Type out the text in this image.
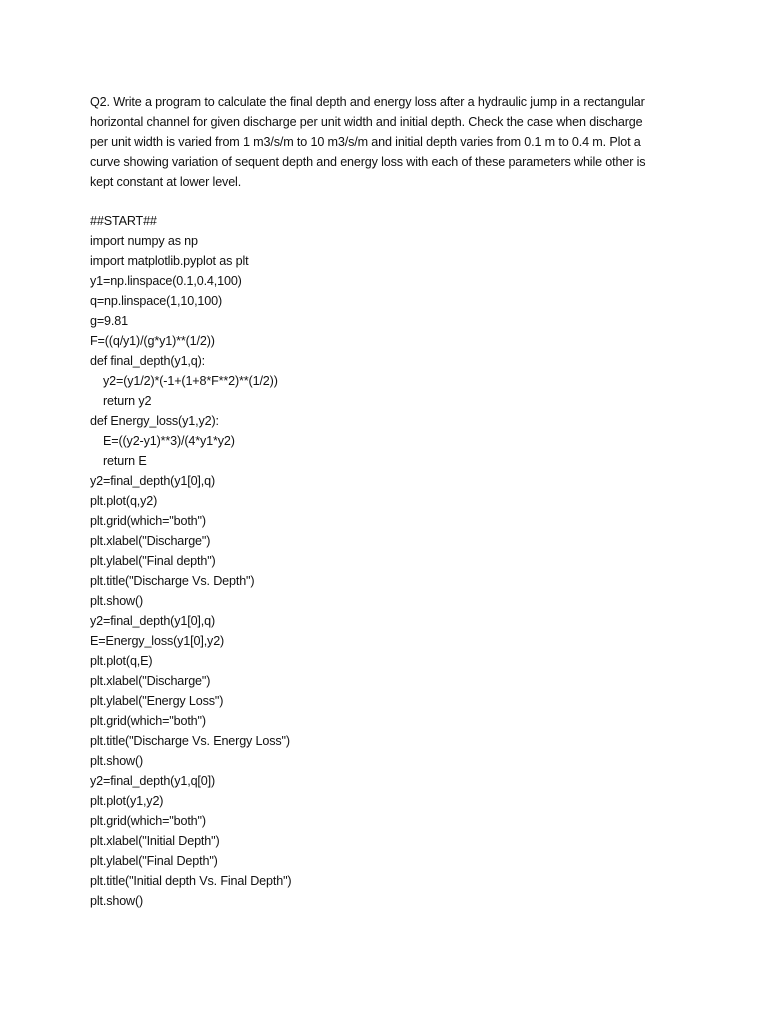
Q2. Write a program to calculate the final depth and energy loss after a hydraulic jump in a rectangular
horizontal channel for given discharge per unit width and initial depth. Check the case when discharge
per unit width is varied from 1 m3/s/m to 10 m3/s/m and initial depth varies from 0.1 m to 0.4 m. Plot a
curve showing variation of sequent depth and energy loss with each of these parameters while other is
kept constant at lower level.
##START##
import numpy as np
import matplotlib.pyplot as plt
y1=np.linspace(0.1,0.4,100)
q=np.linspace(1,10,100)
g=9.81
F=((q/y1)/(g*y1)**(1/2))
def final_depth(y1,q):
y2=(y1/2)*(-1+(1+8*F**2)**(1/2))
return y2
def Energy_loss(y1,y2):
E=((y2-y1)**3)/(4*y1*y2)
return E
y2=final_depth(y1[0],q)
plt.plot(q,y2)
plt.grid(which="both")
plt.xlabel("Discharge")
plt.ylabel("Final depth")
plt.title("Discharge Vs. Depth")
plt.show()
y2=final_depth(y1[0],q)
E=Energy_loss(y1[0],y2)
plt.plot(q,E)
plt.xlabel("Discharge")
plt.ylabel("Energy Loss")
plt.grid(which="both")
plt.title("Discharge Vs. Energy Loss")
plt.show()
y2=final_depth(y1,q[0])
plt.plot(y1,y2)
plt.grid(which="both")
plt.xlabel("Initial Depth")
plt.ylabel("Final Depth")
plt.title("Initial depth Vs. Final Depth")
plt.show()
